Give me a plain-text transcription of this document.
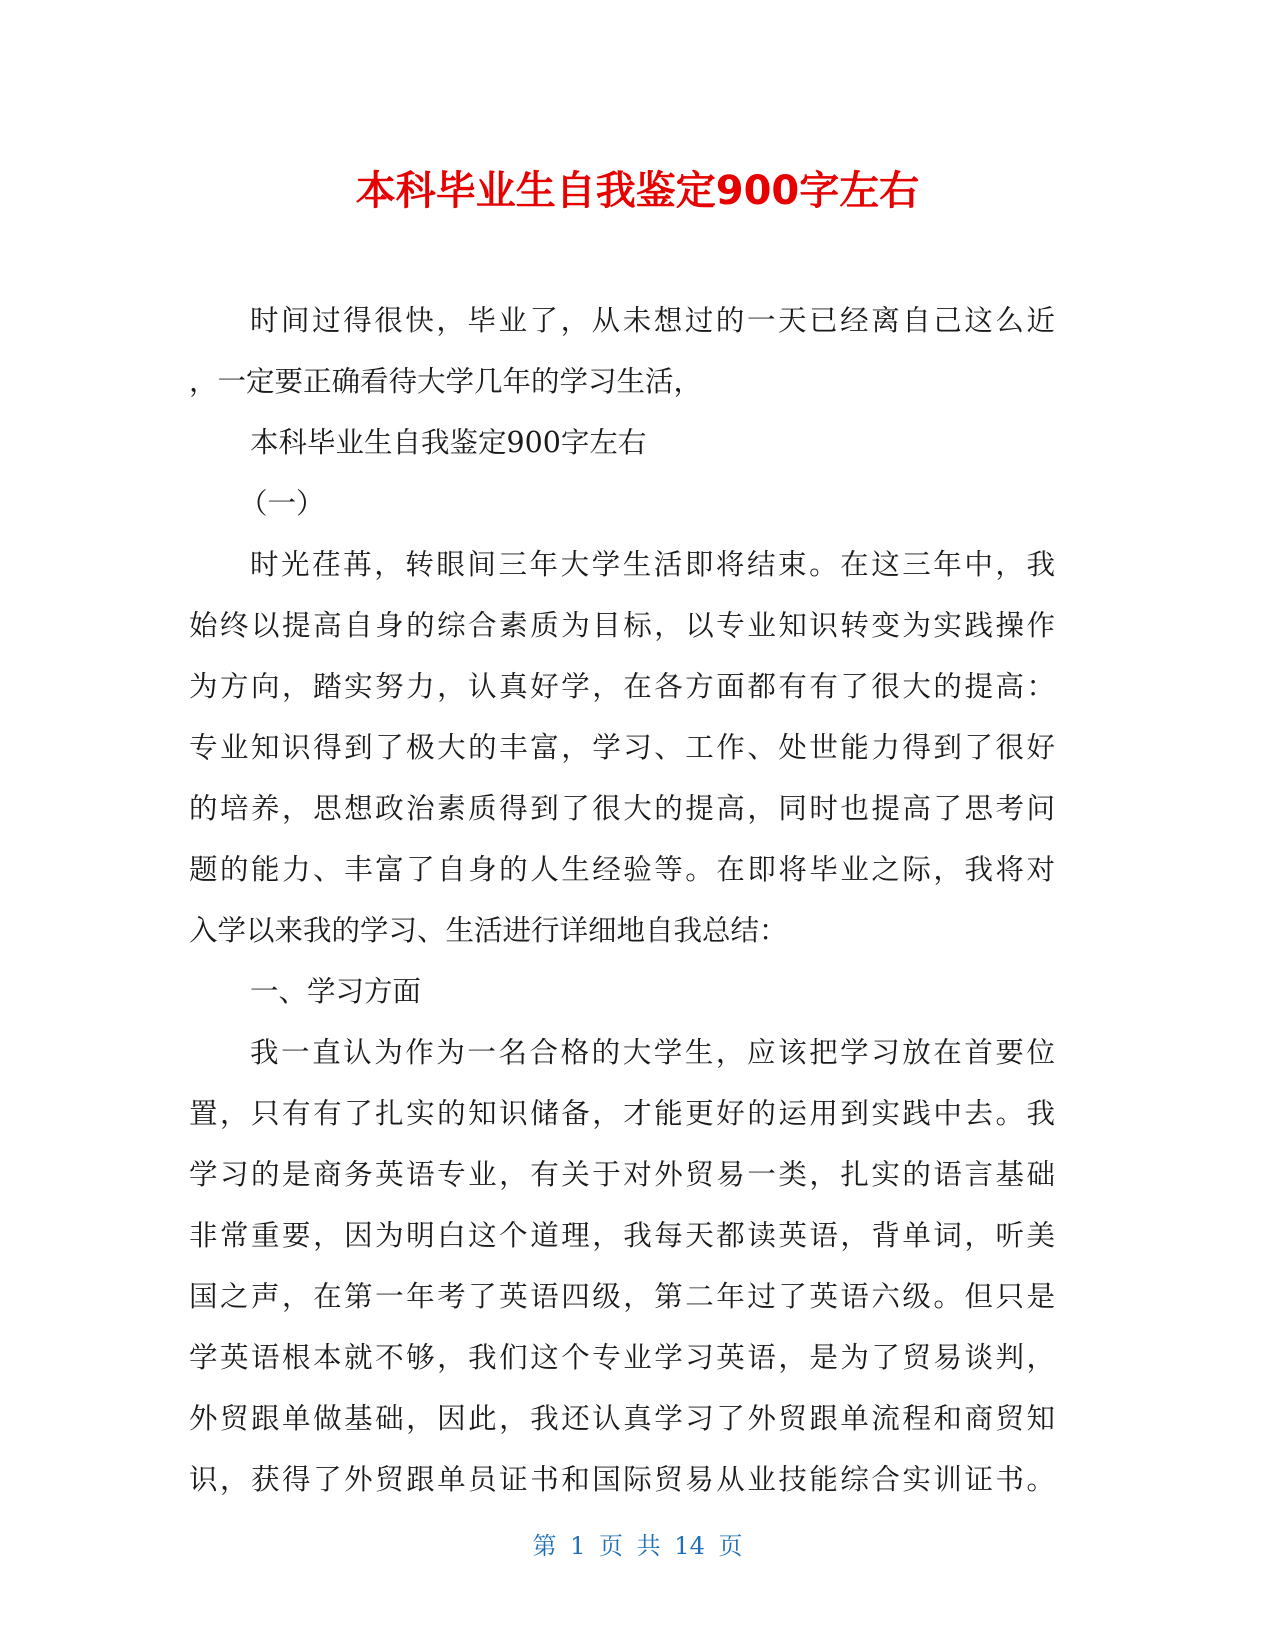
本科毕业生自我鉴定900字左右
时间过得很快，毕业了，从未想过的一天已经离自己这么近
，一定要正确看待大学几年的学习生活，
本科毕业生自我鉴定900字左右
（一）
时光荏苒，转眼间三年大学生活即将结束。在这三年中，我
始终以提高自身的综合素质为目标，以专业知识转变为实践操作
为方向，踏实努力，认真好学，在各方面都有有了很大的提高：
专业知识得到了极大的丰富，学习、工作、处世能力得到了很好
的培养，思想政治素质得到了很大的提高，同时也提高了思考问
题的能力、丰富了自身的人生经验等。在即将毕业之际，我将对
入学以来我的学习、生活进行详细地自我总结：
一、学习方面
我一直认为作为一名合格的大学生，应该把学习放在首要位
置，只有有了扎实的知识储备，才能更好的运用到实践中去。我
学习的是商务英语专业，有关于对外贸易一类，扎实的语言基础
非常重要，因为明白这个道理，我每天都读英语，背单词，听美
国之声，在第一年考了英语四级，第二年过了英语六级。但只是
学英语根本就不够，我们这个专业学习英语，是为了贸易谈判，
外贸跟单做基础，因此，我还认真学习了外贸跟单流程和商贸知
识，获得了外贸跟单员证书和国际贸易从业技能综合实训证书。
第 1 页 共 14 页
